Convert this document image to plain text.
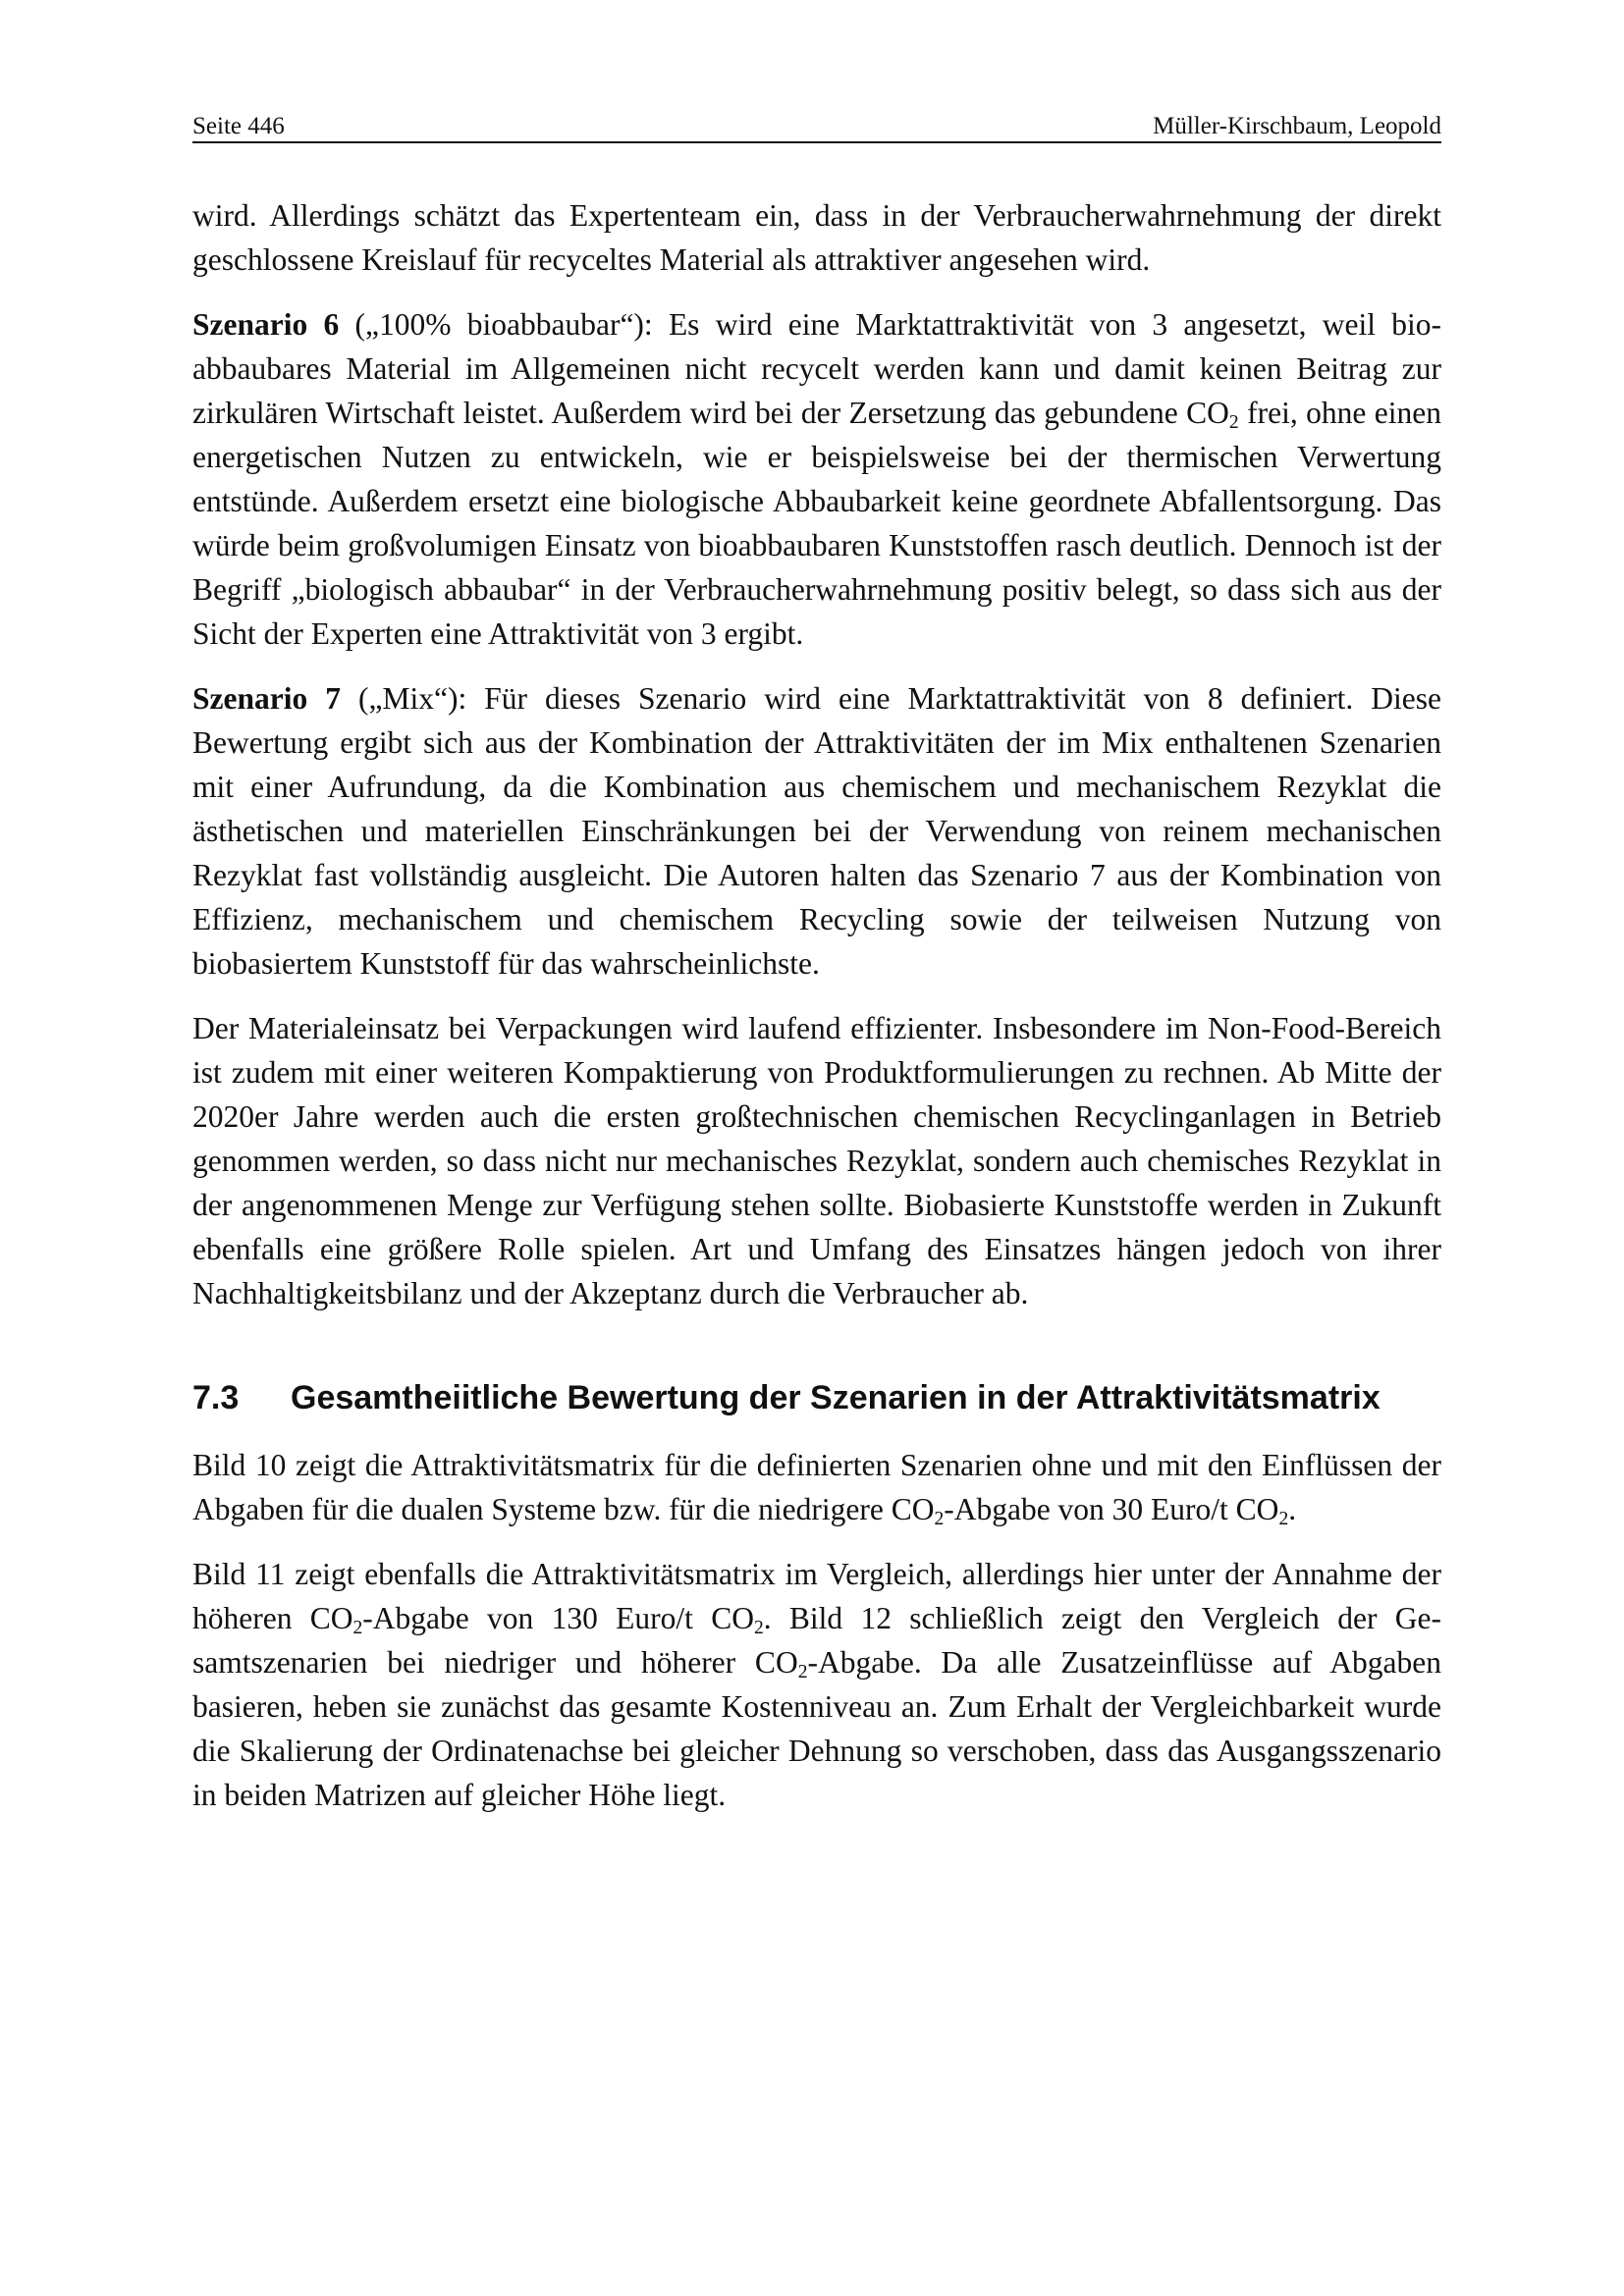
Seite 446	Müller-Kirschbaum, Leopold

wird. Allerdings schätzt das Expertenteam ein, dass in der Verbraucherwahrnehmung der direkt geschlossene Kreislauf für recyceltes Material als attraktiver angesehen wird.

Szenario 6 („100% bioabbaubar“): Es wird eine Marktattraktivität von 3 angesetzt, weil bioabbaubares Material im Allgemeinen nicht recycelt werden kann und damit keinen Beitrag zur zirkulären Wirtschaft leistet. Außerdem wird bei der Zersetzung das gebundene $CO_2$ frei, ohne einen energetischen Nutzen zu entwickeln, wie er beispielsweise bei der thermischen Verwertung entstünde. Außerdem ersetzt eine biologische Abbaubarkeit keine geordnete Abfallentsorgung. Das würde beim großvolumigen Einsatz von bioabbaubaren Kunststoffen rasch deutlich. Dennoch ist der Begriff „biologisch abbaubar“ in der Verbraucherwahrnehmung positiv belegt, so dass sich aus der Sicht der Experten eine Attraktivität von 3 ergibt.

Szenario 7 („Mix“): Für dieses Szenario wird eine Marktattraktivität von 8 definiert. Diese Bewertung ergibt sich aus der Kombination der Attraktivitäten der im Mix enthaltenen Szenarien mit einer Aufrundung, da die Kombination aus chemischem und mechanischem Rezyklat die ästhetischen und materiellen Einschränkungen bei der Verwendung von reinem mechanischen Rezyklat fast vollständig ausgleicht. Die Autoren halten das Szenario 7 aus der Kombination von Effizienz, mechanischem und chemischem Recycling sowie der teilweisen Nutzung von biobasiertem Kunststoff für das wahrscheinlichste.

Der Materialeinsatz bei Verpackungen wird laufend effizienter. Insbesondere im Non-Food-Bereich ist zudem mit einer weiteren Kompaktierung von Produktformulierungen zu rechnen. Ab Mitte der 2020er Jahre werden auch die ersten großtechnischen chemischen Recyclinganlagen in Betrieb genommen werden, so dass nicht nur mechanisches Rezyklat, sondern auch chemisches Rezyklat in der angenommenen Menge zur Verfügung stehen sollte. Biobasierte Kunststoffe werden in Zukunft ebenfalls eine größere Rolle spielen. Art und Umfang des Einsatzes hängen jedoch von ihrer Nachhaltigkeitsbilanz und der Akzeptanz durch die Verbraucher ab.

7.3	Gesamtheiitliche Bewertung der Szenarien in der Attraktivitätsmatrix

Bild 10 zeigt die Attraktivitätsmatrix für die definierten Szenarien ohne und mit den Einflüssen der Abgaben für die dualen Systeme bzw. für die niedrigere $CO_2$-Abgabe von 30 Euro/t $CO_2$.

Bild 11 zeigt ebenfalls die Attraktivitätsmatrix im Vergleich, allerdings hier unter der Annahme der höheren $CO_2$-Abgabe von 130 Euro/t $CO_2$. Bild 12 schließlich zeigt den Vergleich der Gesamtszenarien bei niedriger und höherer $CO_2$-Abgabe. Da alle Zusatzeinflüsse auf Abgaben basieren, heben sie zunächst das gesamte Kostenniveau an. Zum Erhalt der Vergleichbarkeit wurde die Skalierung der Ordinatenachse bei gleicher Dehnung so verschoben, dass das Ausgangsszenario in beiden Matrizen auf gleicher Höhe liegt.
